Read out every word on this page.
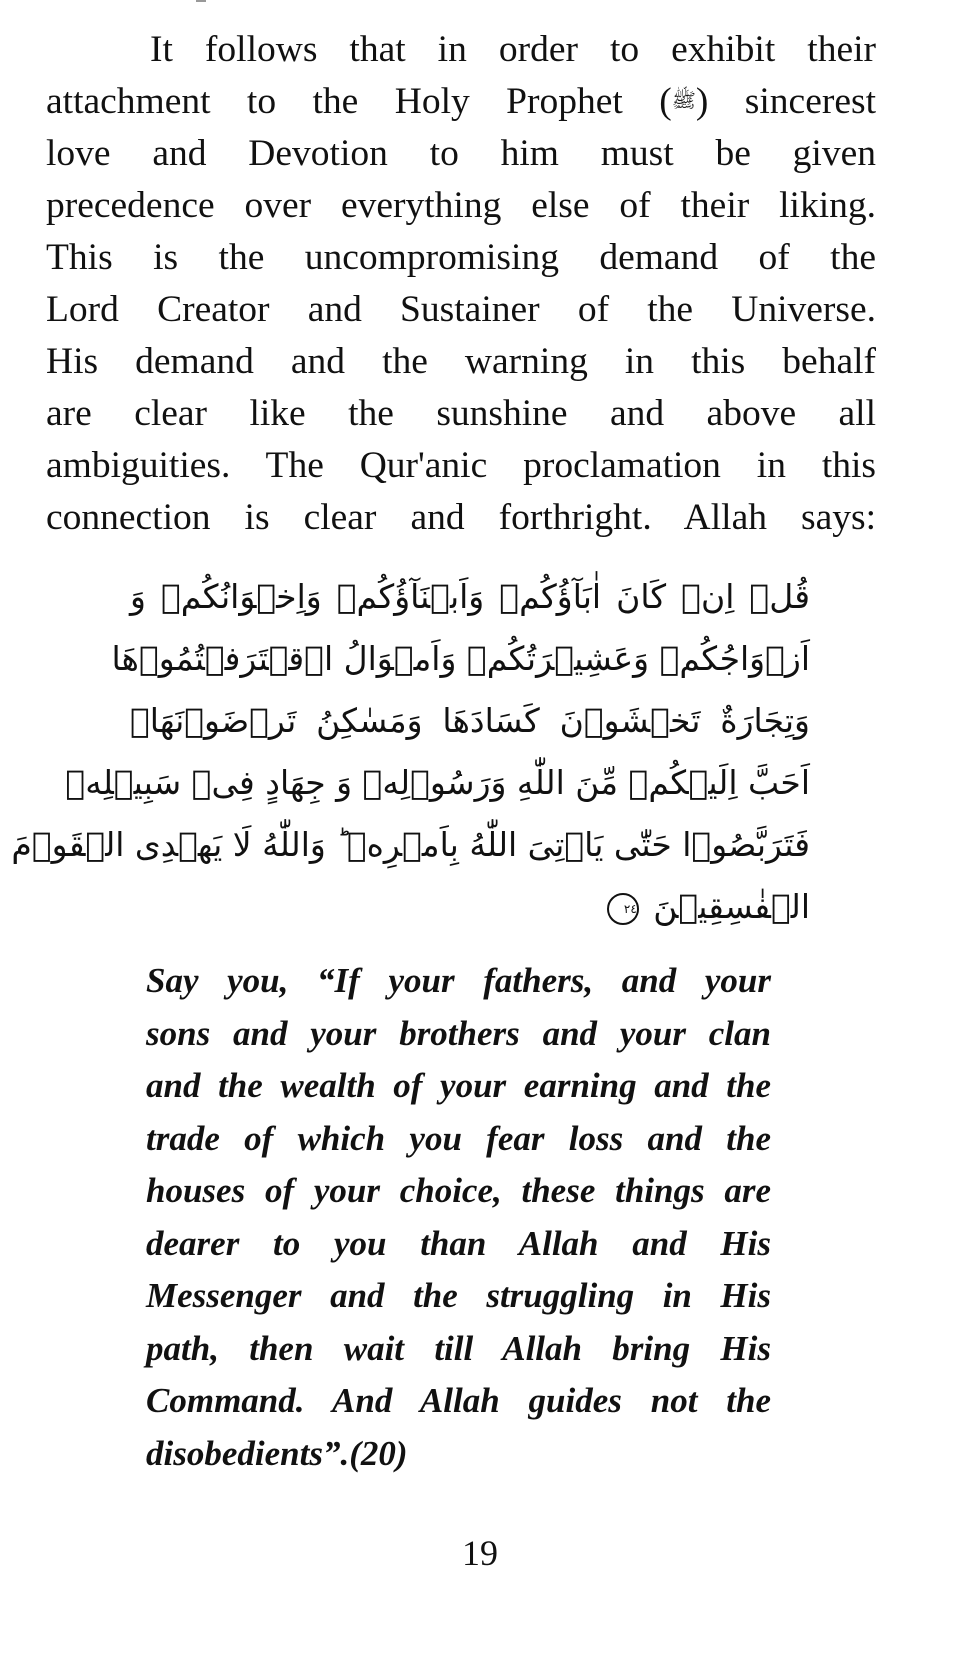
It follows that in order to exhibit their
attachment to the Holy Prophet (ﷺ) sincerest
love and Devotion to him must be given
precedence over everything else of their liking.
This is the uncompromising demand of the
Lord Creator and Sustainer of the Universe.
His demand and the warning in this behalf
are clear like the sunshine and above all
ambiguities. The Qur'anic proclamation in this
connection is clear and forthright. Allah says:
قُلۡ اِنۡ كَانَ اٰبَآؤُكُمۡ وَاَبۡنَآؤُكُمۡ وَاِخۡوَانُكُمۡ وَ
اَزۡوَاجُكُمۡ وَعَشِيۡرَتُكُمۡ وَاَمۡوَالُ اۨقۡتَرَفۡتُمُوۡهَا
وَتِجَارَةٌ تَخۡشَوۡنَ كَسَادَهَا وَمَسٰكِنُ تَرۡضَوۡنَهَاۤ
اَحَبَّ اِلَيۡكُمۡ مِّنَ اللّٰهِ وَرَسُوۡلِهٖ وَ جِهَادٍ فِىۡ سَبِيۡلِهٖ
فَتَرَبَّصُوۡا حَتّٰى يَاۡتِىَ اللّٰهُ بِاَمۡرِهٖ ؕ وَاللّٰهُ لَا يَهۡدِى الۡقَوۡمَ
الۡفٰسِقِيۡنَ ٢٤
Say you, “If your fathers, and your
sons and your brothers and your clan
and the wealth of your earning and the
trade of which you fear loss and the
houses of your choice, these things are
dearer to you than Allah and His
Messenger and the struggling in His
path, then wait till Allah bring His
Command. And Allah guides not the
disobedients”.(20)
19
